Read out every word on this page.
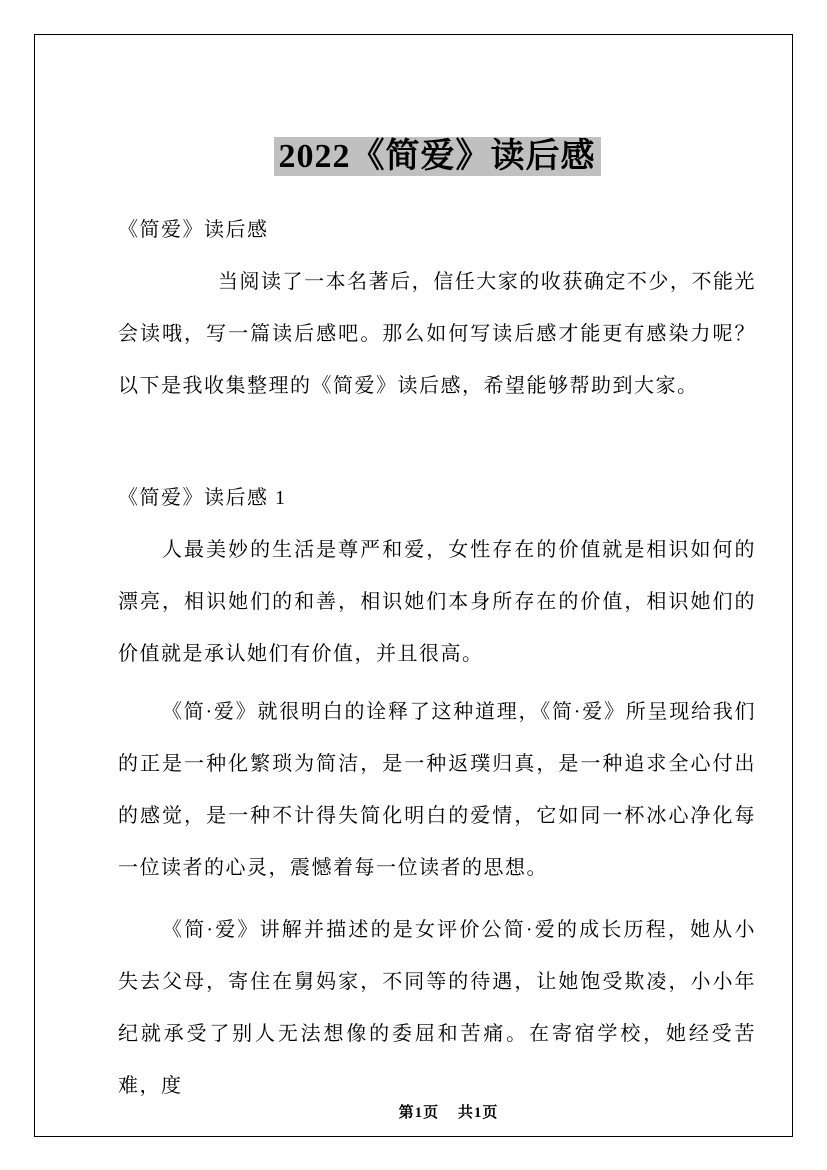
2022《简爱》读后感

《简爱》读后感

当阅读了一本名著后，信任大家的收获确定不少，不能光会读哦，写一篇读后感吧。那么如何写读后感才能更有感染力呢？以下是我收集整理的《简爱》读后感，希望能够帮助到大家。

《简爱》读后感 1

人最美妙的生活是尊严和爱，女性存在的价值就是相识如何的漂亮，相识她们的和善，相识她们本身所存在的价值，相识她们的价值就是承认她们有价值，并且很高。

《简·爱》就很明白的诠释了这种道理，《简·爱》所呈现给我们的正是一种化繁琐为简洁，是一种返璞归真，是一种追求全心付出的感觉，是一种不计得失简化明白的爱情，它如同一杯冰心净化每一位读者的心灵，震憾着每一位读者的思想。

《简·爱》讲解并描述的是女评价公简·爱的成长历程，她从小失去父母，寄住在舅妈家，不同等的待遇，让她饱受欺凌，小小年纪就承受了别人无法想像的委屈和苦痛。在寄宿学校，她经受苦难，度

第1页 共1页
